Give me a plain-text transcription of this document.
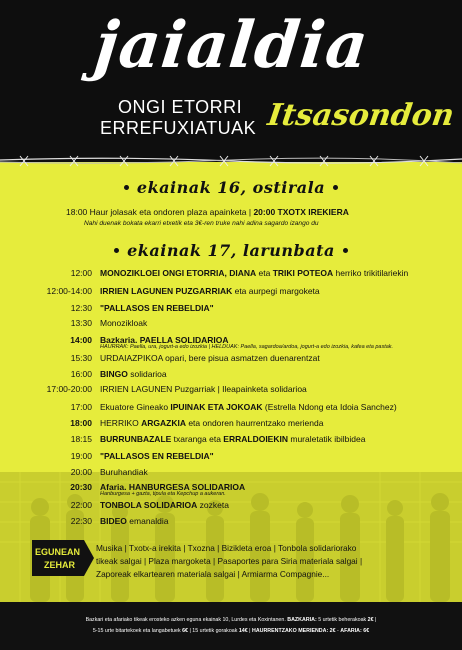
jaialdia
ONGI ETORRI
ERREFUXIATUAK Itsasondon
ekainak 16, ostirala
18:00 Haur jolasak eta ondoren plaza apainketa | 20:00 TXOTX IREKIERA
Nahi duenak bokata ekarri etxetik eta 3€-ren truke nahi adina sagardo izango du
ekainak 17, larunbata
12:00 MONOZIKLOEI ONGI ETORRIA, DIANA eta TRIKI POTEOA herriko trikitilariekin
12:00-14:00 IRRIEN LAGUNEN PUZGARRIAK eta aurpegi margoketa
12:30 "PALLASOS EN REBELDIA"
13:30 Monozikloak
14:00 Bazkaria. PAELLA SOLIDARIOA
HAURRAK: Paella, ura, jogurt-a edo izozkia | HELDUAK: Paella, sagardoa/ardoa, jogurt-a edo izozkia, kafea eta pastak.
15:30 URDAIAZPIKOA opari, bere pisua asmatzen duenarentzat
16:00 BINGO solidarioa
17:00-20:00 IRRIEN LAGUNEN Puzgarriak | Ileapainketa solidarioa
17:00 Ekuatore Gineako IPUINAK ETA JOKOAK (Estrella Ndong eta Idoia Sanchez)
18:00 HERRIKO ARGAZKIA eta ondoren haurrentzako merienda
18:15 BURRUNBAZALE txaranga eta ERRALDOIEKIN muraletatik ibilbidea
19:00 "PALLASOS EN REBELDIA"
20:00 Buruhandiak
20:30 Afaria. HANBURGESA SOLIDARIOA
Hanburgesa + gazta, tipula eta Kepchup a aukeran.
22:00 TONBOLA SOLIDARIOA zozketa
22:30 BIDEO emanaldia
EGUNEAN
ZEHAR
Musika | Txotx-a irekita | Txozna | Bizikleta eroa | Tonbola solidariorako
tikeak salgai | Plaza margoketa | Pasaportes para Siria materiala salgai |
Zaporeak elkartearen materiala salgai | Armiarma Compagnie...
Bazkari eta afariako tikeak erosteko azken eguna ekainak 10, Lurdes eta Koxintanen. BAZKARIA: 5 urtetik beherakoak 2€ |
5-15 urte bitartekoek eta langabetuek 6€ | 15 urtetik gorakoak 14€ | HAURRENTZAKO MERIENDA: 2€ - AFARIA: 6€
